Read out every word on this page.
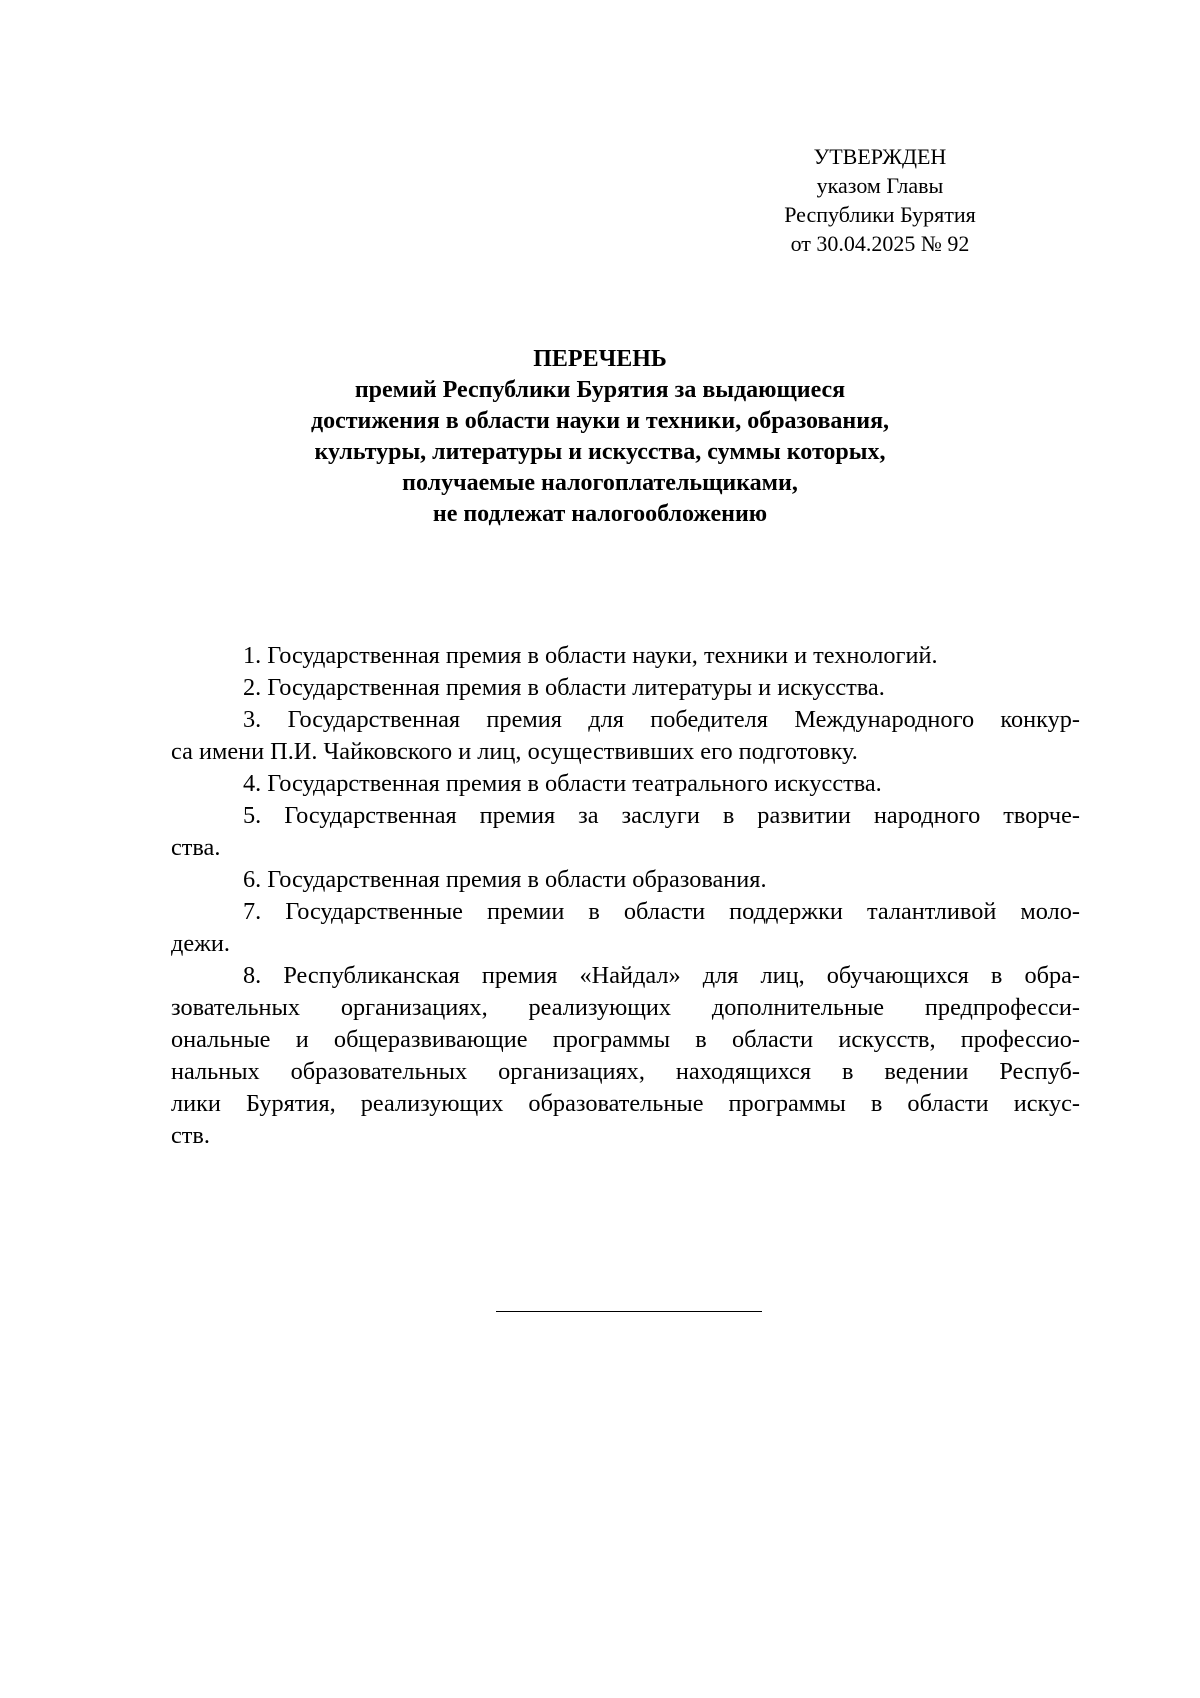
УТВЕРЖДЕН
указом Главы
Республики Бурятия
от 30.04.2025 № 92
ПЕРЕЧЕНЬ
премий Республики Бурятия за выдающиеся
достижения в области науки и техники, образования,
культуры, литературы и искусства, суммы которых,
получаемые налогоплательщиками,
не подлежат налогообложению
1. Государственная премия в области науки, техники и технологий.
2. Государственная премия в области литературы и искусства.
3. Государственная премия для победителя Международного конкур-
са имени П.И. Чайковского и лиц, осуществивших его подготовку.
4. Государственная премия в области театрального искусства.
5. Государственная премия за заслуги в развитии народного творче-
ства.
6. Государственная премия в области образования.
7. Государственные премии в области поддержки талантливой моло-
дежи.
8. Республиканская премия «Найдал» для лиц, обучающихся в обра-
зовательных организациях, реализующих дополнительные предпрофесси-
ональные и общеразвивающие программы в области искусств, профессио-
нальных образовательных организациях, находящихся в ведении Респуб-
лики Бурятия, реализующих образовательные программы в области искус-
ств.
